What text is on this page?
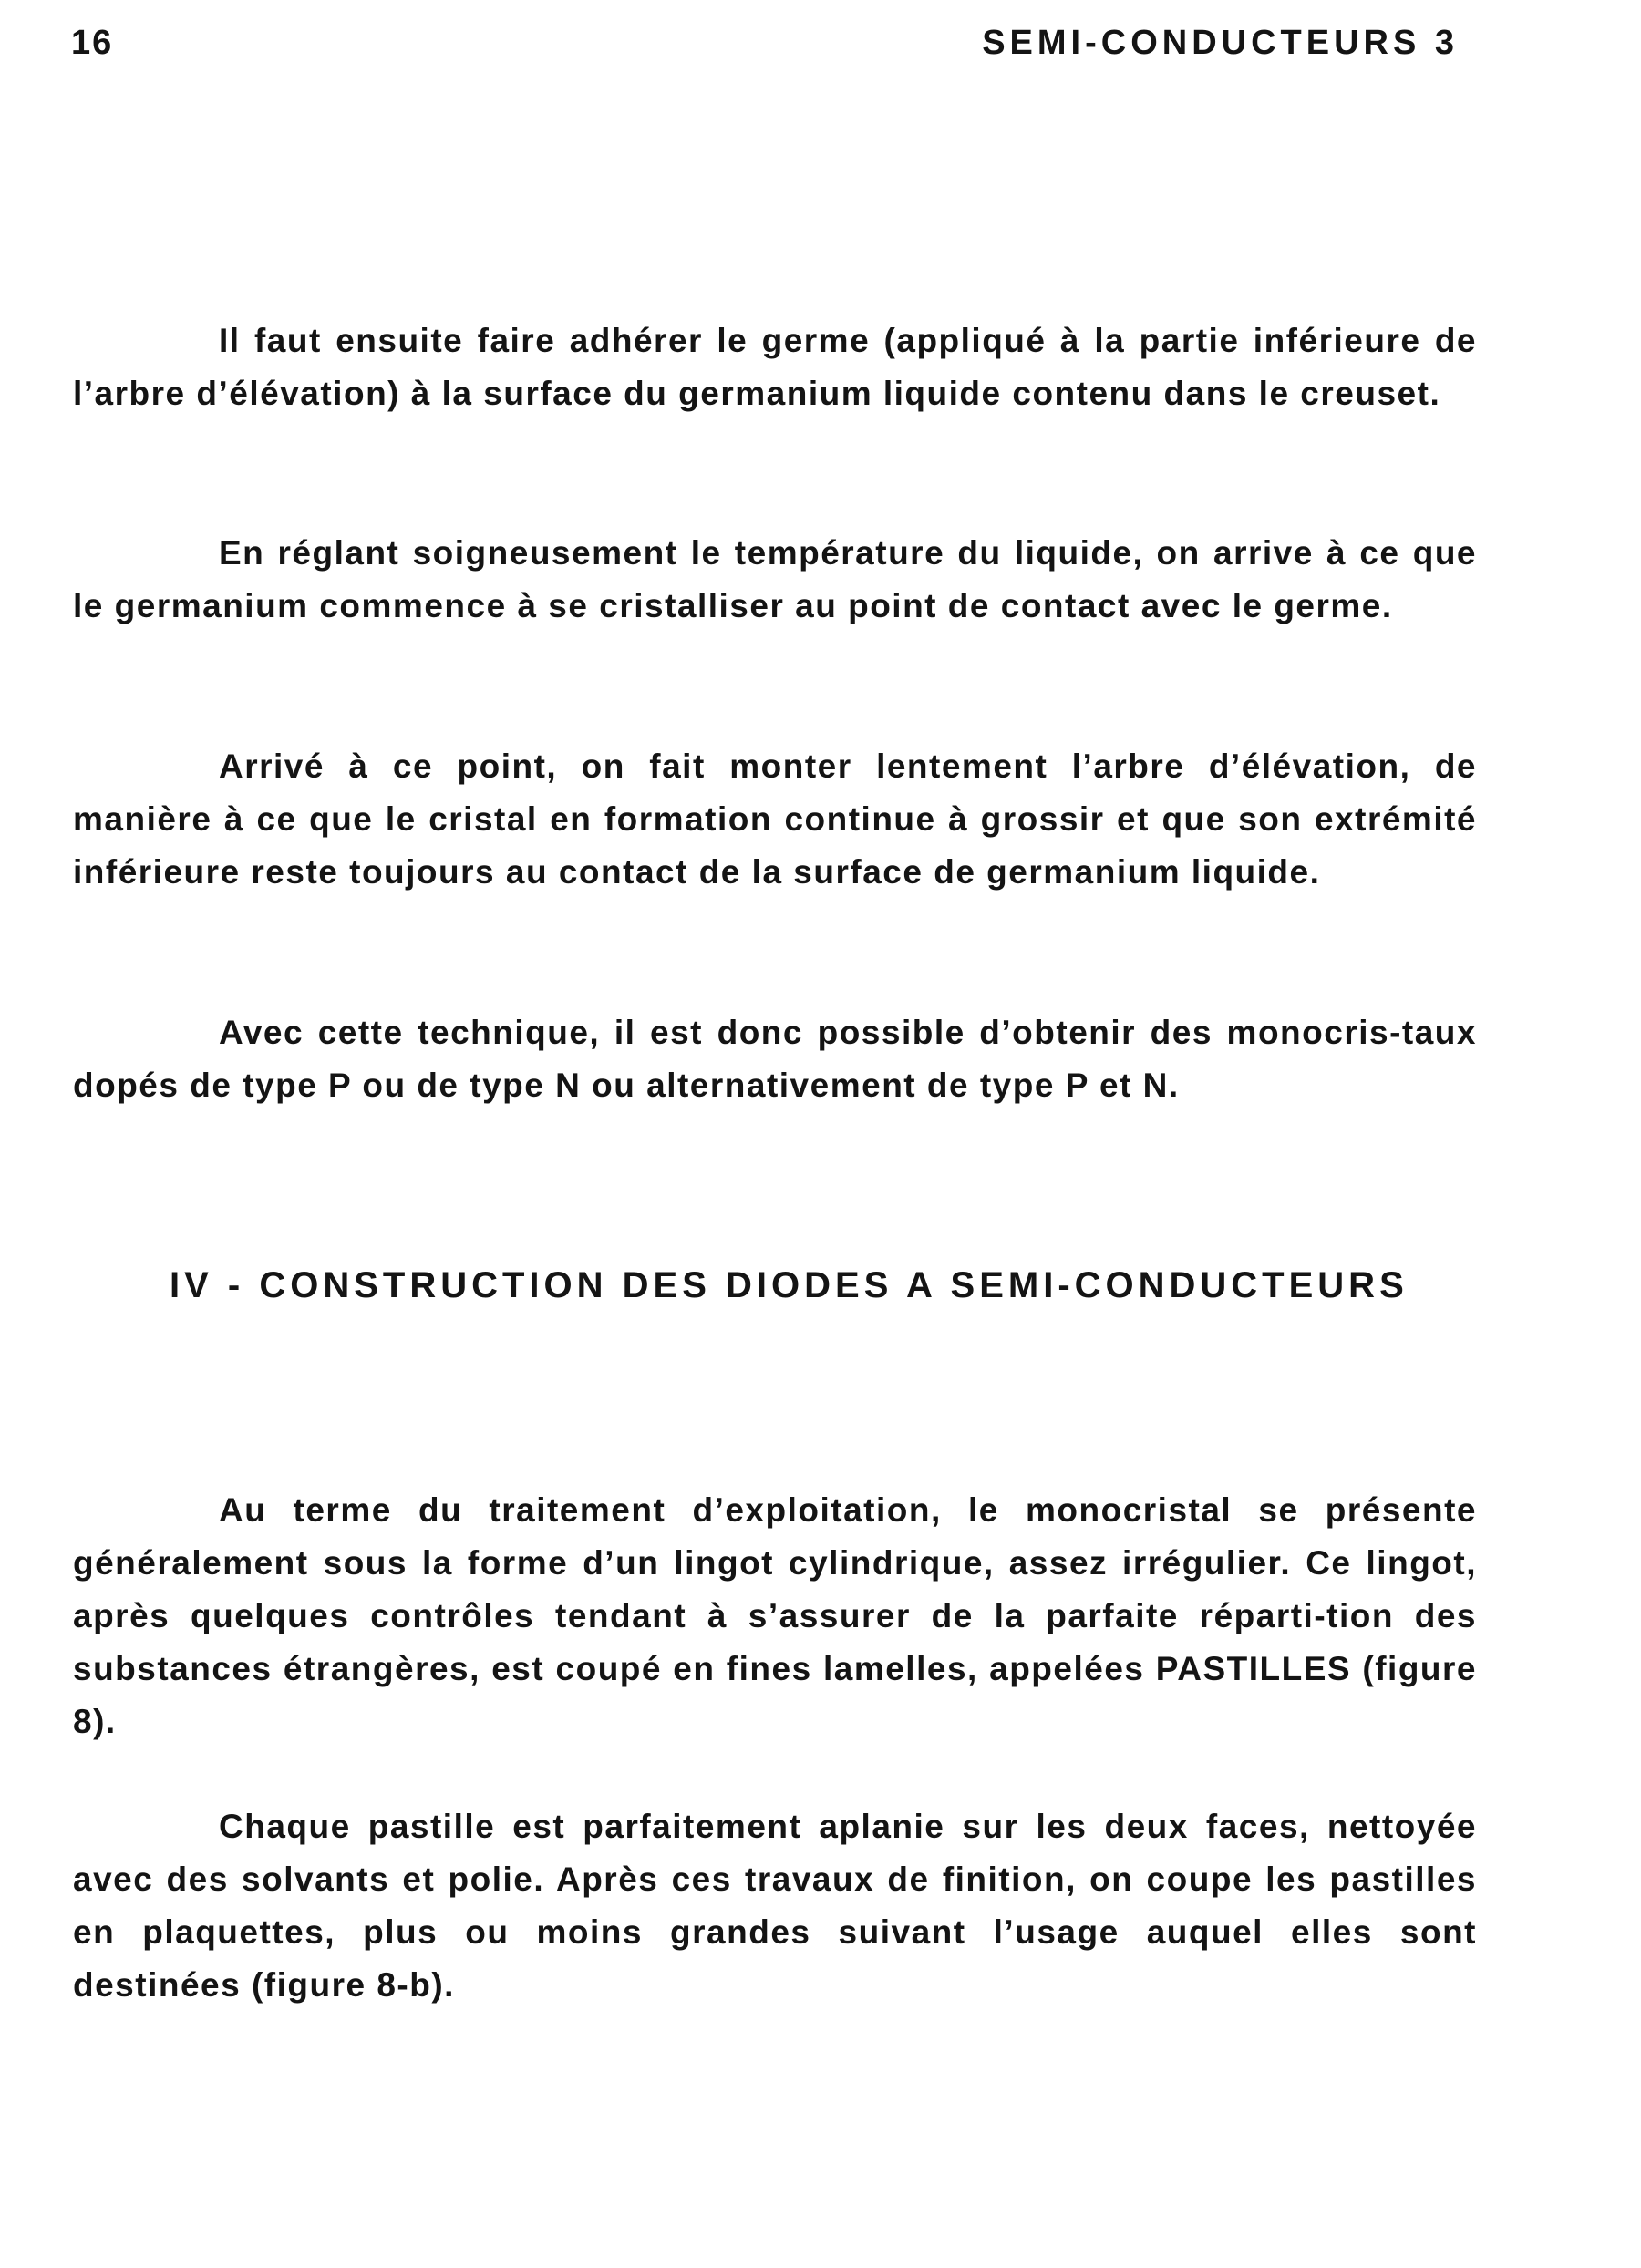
16	SEMI-CONDUCTEURS 3

Il faut ensuite faire adhérer le germe (appliqué à la partie inférieure de l’arbre d’élévation) à la surface du germanium liquide contenu dans le creuset.

En réglant soigneusement le température du liquide, on arrive à ce que le germanium commence à se cristalliser au point de contact avec le germe.

Arrivé à ce point, on fait monter lentement l’arbre d’élévation, de manière à ce que le cristal en formation continue à grossir et que son extrémité inférieure reste toujours au contact de la surface de germanium liquide.

Avec cette technique, il est donc possible d’obtenir des monocris-taux dopés de type P ou de type N ou alternativement de type P et N.

IV - CONSTRUCTION DES DIODES A SEMI-CONDUCTEURS

Au terme du traitement d’exploitation, le monocristal se présente généralement sous la forme d’un lingot cylindrique, assez irrégulier. Ce lingot, après quelques contrôles tendant à s’assurer de la parfaite réparti-tion des substances étrangères, est coupé en fines lamelles, appelées PASTILLES (figure 8).

Chaque pastille est parfaitement aplanie sur les deux faces, nettoyée avec des solvants et polie. Après ces travaux de finition, on coupe les pastilles en plaquettes, plus ou moins grandes suivant l’usage auquel elles sont destinées (figure 8-b).
